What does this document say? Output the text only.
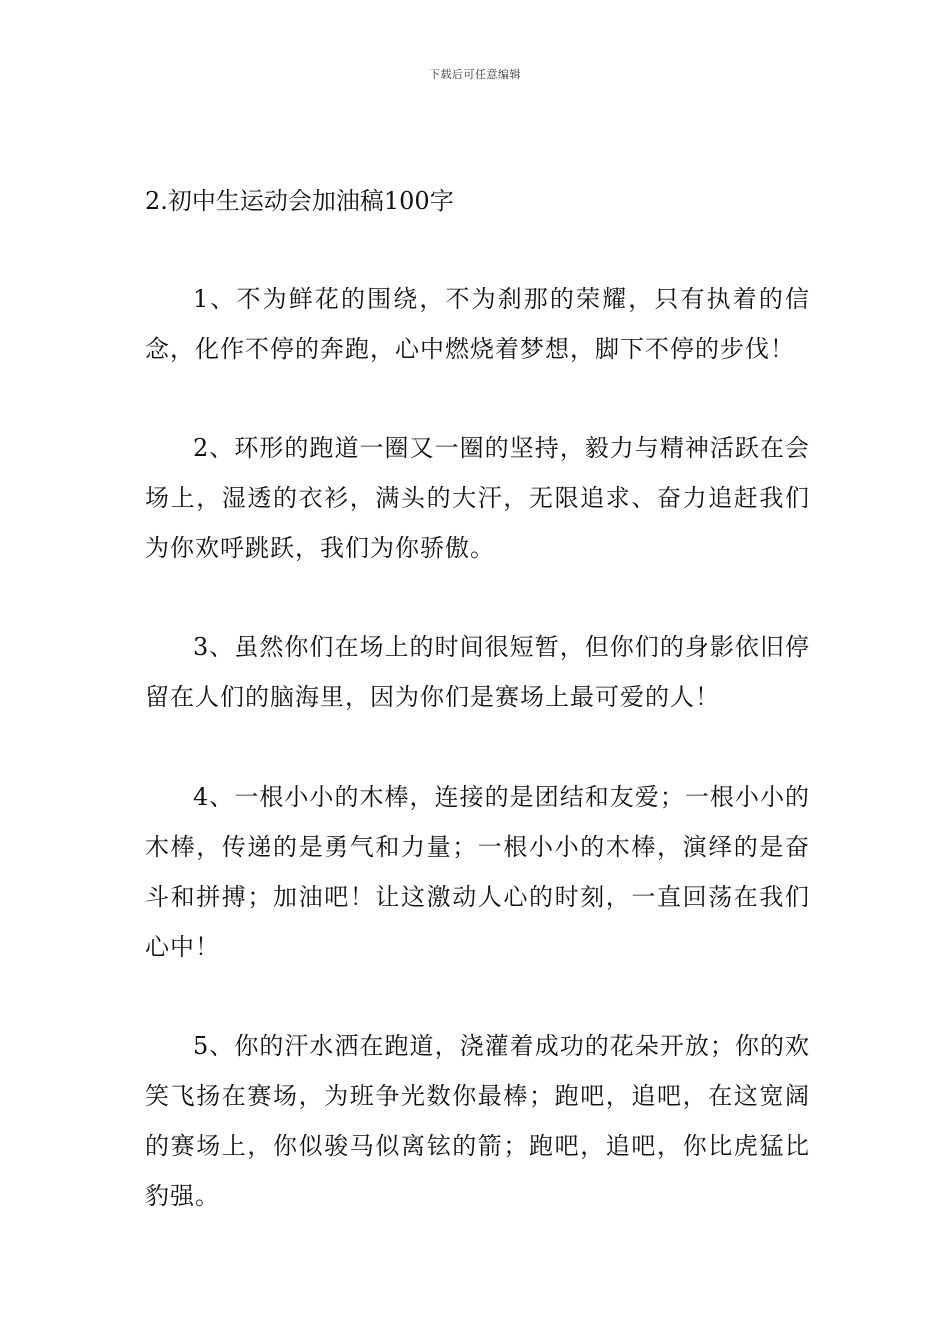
下载后可任意编辑
2.初中生运动会加油稿100字

1、不为鲜花的围绕，不为刹那的荣耀，只有执着的信念，化作不停的奔跑，心中燃烧着梦想，脚下不停的步伐！

2、环形的跑道一圈又一圈的坚持，毅力与精神活跃在会场上，湿透的衣衫，满头的大汗，无限追求、奋力追赶我们为你欢呼跳跃，我们为你骄傲。

3、虽然你们在场上的时间很短暂，但你们的身影依旧停留在人们的脑海里，因为你们是赛场上最可爱的人！

4、一根小小的木棒，连接的是团结和友爱；一根小小的木棒，传递的是勇气和力量；一根小小的木棒，演绎的是奋斗和拼搏；加油吧！让这激动人心的时刻，一直回荡在我们心中！

5、你的汗水洒在跑道，浇灌着成功的花朵开放；你的欢笑飞扬在赛场，为班争光数你最棒；跑吧，追吧，在这宽阔的赛场上，你似骏马似离铉的箭；跑吧，追吧，你比虎猛比豹强。
